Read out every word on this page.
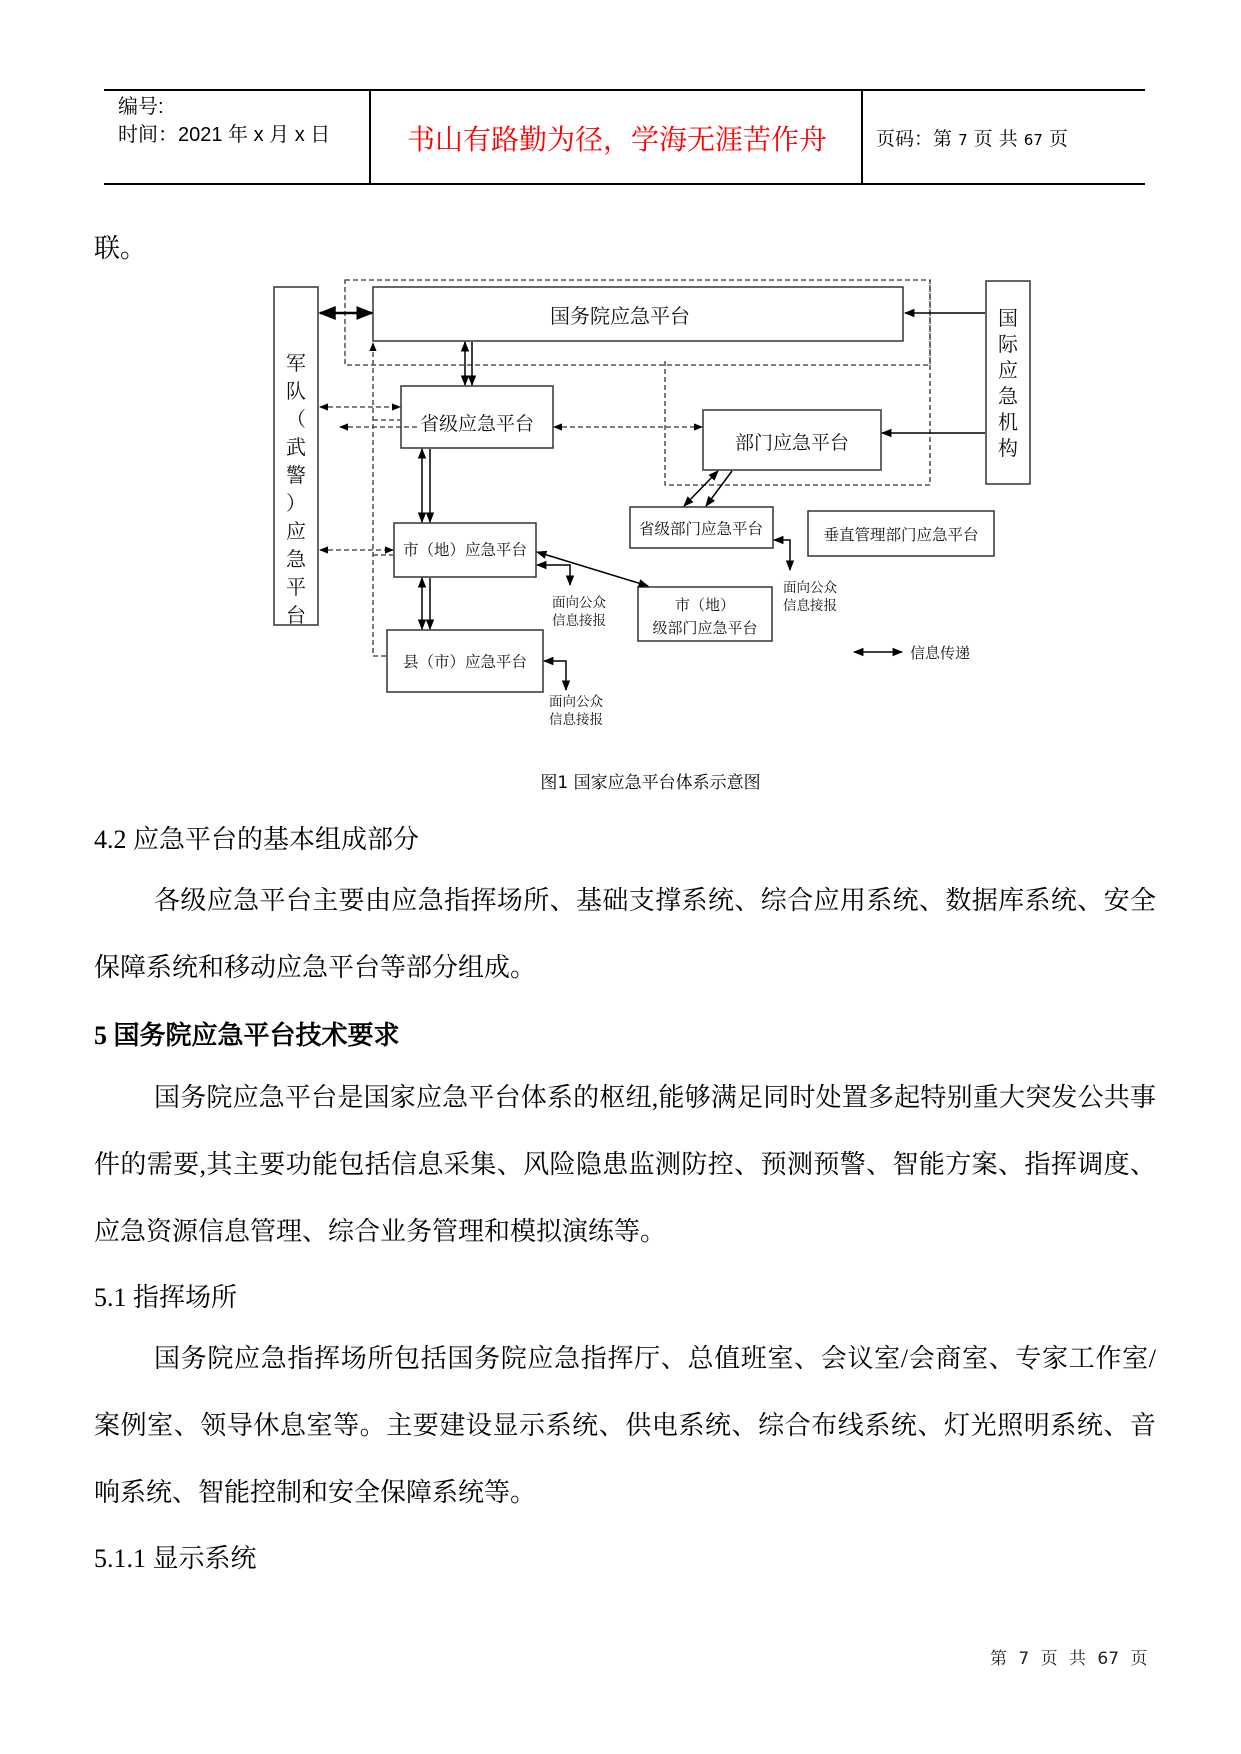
编号:
时间：2021 年 x 月 x 日	书山有路勤为径，学海无涯苦作舟	页码：第 7 页 共 67 页
联。
国务院应急平台
军
队
（
武
警
）
应
急
平
台
国
际
应
急
机
构
省级应急平台
部门应急平台
省级部门应急平台	垂直管理部门应急平台
市（地）应急平台
市（地）
级部门应急平台
县（市）应急平台
面向公众
信息接报
面向公众
信息接报
面向公众
信息接报
信息传递
图1 国家应急平台体系示意图
4.2 应急平台的基本组成部分
各级应急平台主要由应急指挥场所、基础支撑系统、综合应用系统、数据库系统、安全保障系统和移动应急平台等部分组成。
5 国务院应急平台技术要求
国务院应急平台是国家应急平台体系的枢纽,能够满足同时处置多起特别重大突发公共事件的需要,其主要功能包括信息采集、风险隐患监测防控、预测预警、智能方案、指挥调度、应急资源信息管理、综合业务管理和模拟演练等。
5.1 指挥场所
国务院应急指挥场所包括国务院应急指挥厅、总值班室、会议室/会商室、专家工作室/案例室、领导休息室等。主要建设显示系统、供电系统、综合布线系统、灯光照明系统、音响系统、智能控制和安全保障系统等。
5.1.1 显示系统
第 7 页 共 67 页
